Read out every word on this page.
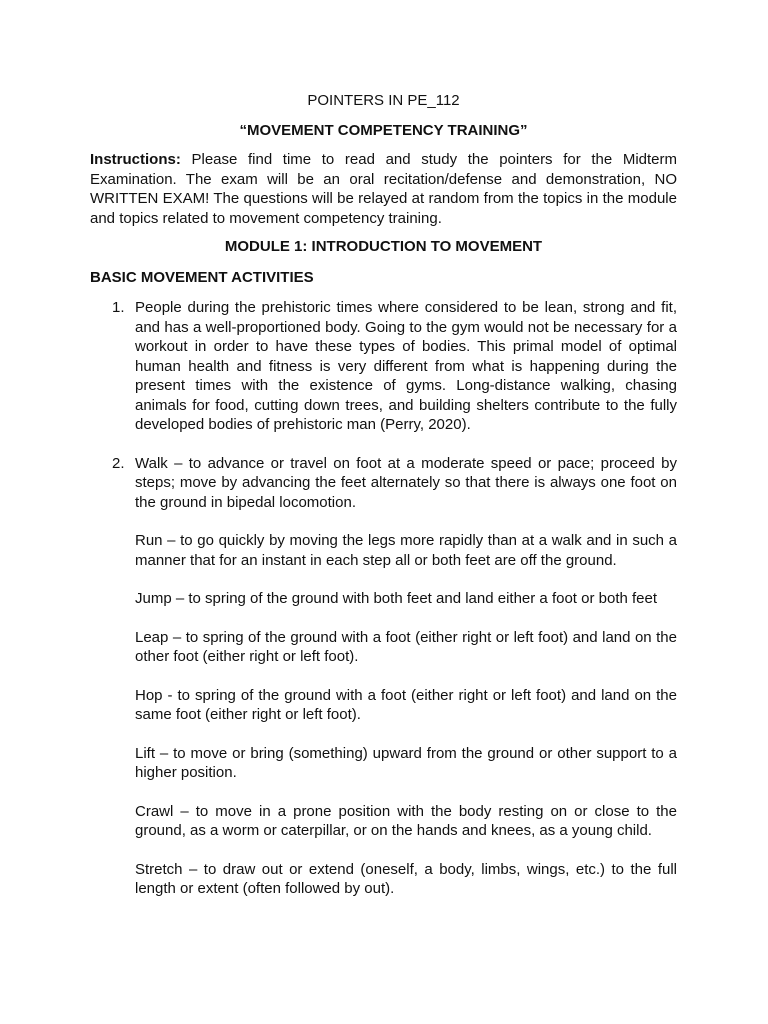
POINTERS IN PE_112

“MOVEMENT COMPETENCY TRAINING”

Instructions: Please find time to read and study the pointers for the Midterm Examination. The exam will be an oral recitation/defense and demonstration, NO WRITTEN EXAM! The questions will be relayed at random from the topics in the module and topics related to movement competency training.

MODULE 1: INTRODUCTION TO MOVEMENT

BASIC MOVEMENT ACTIVITIES

1. People during the prehistoric times where considered to be lean, strong and fit, and has a well-proportioned body. Going to the gym would not be necessary for a workout in order to have these types of bodies. This primal model of optimal human health and fitness is very different from what is happening during the present times with the existence of gyms. Long-distance walking, chasing animals for food, cutting down trees, and building shelters contribute to the fully developed bodies of prehistoric man (Perry, 2020).

2. Walk – to advance or travel on foot at a moderate speed or pace; proceed by steps; move by advancing the feet alternately so that there is always one foot on the ground in bipedal locomotion.

Run – to go quickly by moving the legs more rapidly than at a walk and in such a manner that for an instant in each step all or both feet are off the ground.

Jump – to spring of the ground with both feet and land either a foot or both feet

Leap – to spring of the ground with a foot (either right or left foot) and land on the other foot (either right or left foot).

Hop - to spring of the ground with a foot (either right or left foot) and land on the same foot (either right or left foot).

Lift – to move or bring (something) upward from the ground or other support to a higher position.

Crawl – to move in a prone position with the body resting on or close to the ground, as a worm or caterpillar, or on the hands and knees, as a young child.

Stretch – to draw out or extend (oneself, a body, limbs, wings, etc.) to the full length or extent (often followed by out).
